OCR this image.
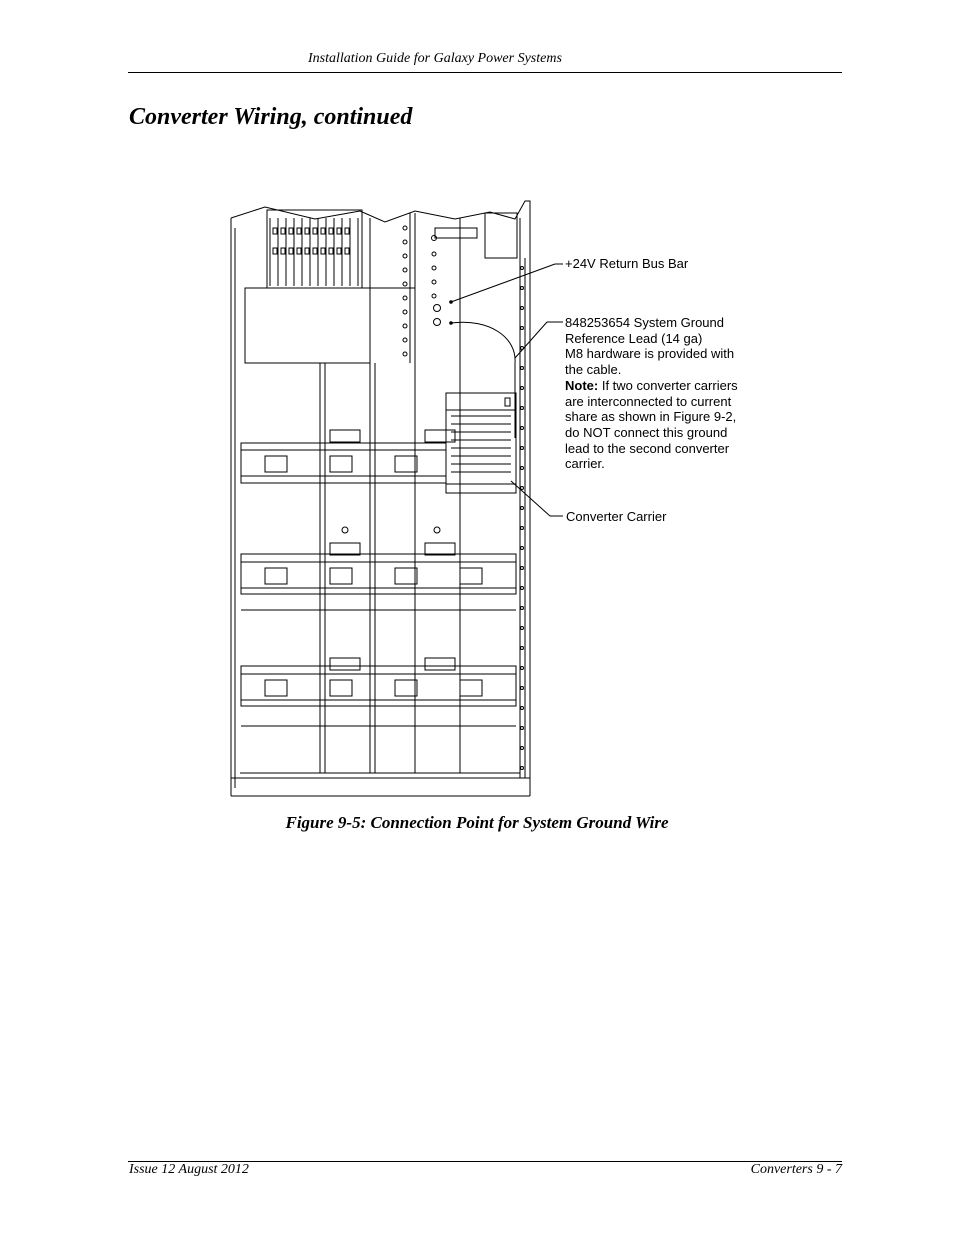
Installation Guide for Galaxy Power Systems
Converter Wiring, continued
+24V Return Bus Bar
848253654 System Ground
Reference Lead (14 ga)
M8 hardware is provided with
the cable.
Note: If two converter carriers
are interconnected to current
share as shown in Figure 9-2,
do NOT connect this ground
lead to the second converter
carrier.
Converter Carrier
Figure 9-5: Connection Point for System Ground Wire
Issue 12 August 2012	Converters 9 - 7
